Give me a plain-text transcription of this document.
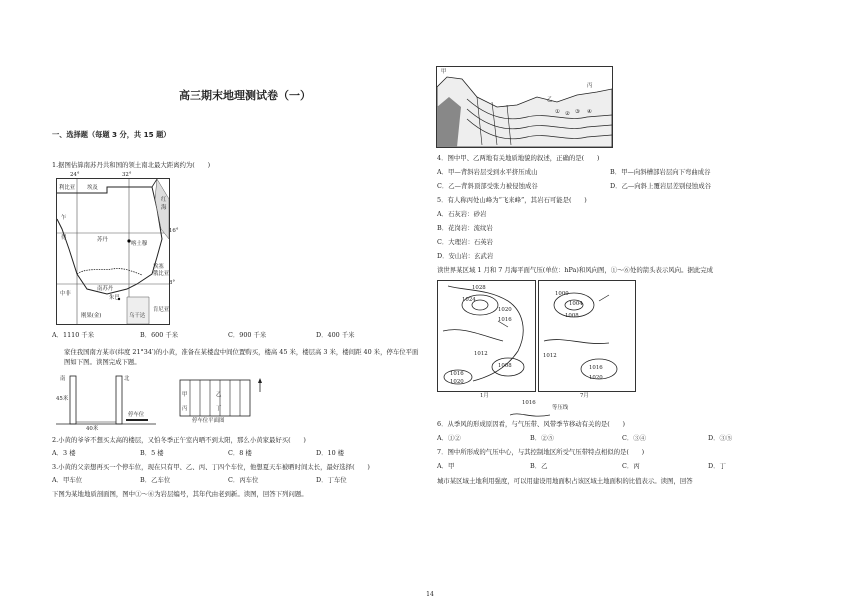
高三期末地理测试卷（一）
一、选择题（每题 3 分，共 15 题）
1.据图估算南苏丹共和国的领土南北最大距离约为(　　)
利比亚 埃及
红
海
乍
得	苏丹
喀土穆
埃塞
俄比亚
中非
南苏丹
朱巴
肯尼亚
刚果(金)	乌干达
24°	32°
16°
8°
A．1110 千米	B．600 千米	C．900 千米	D．400 千米
家住我国南方某市(纬度 21°34′)的小黄，准备在某楼盘中间位置购买，楼高 45 米，楼层高 3 米，楼间距 40 米，停车位平面图如下图。读图完成下题。
南	北
45米
40米
停车位
甲	乙
丙	丁
停车位平面图
2.小黄的爷爷不想买太高的楼层，又怕冬季正午室内晒不到太阳，那么小黄家最好买(　　)
A．3 楼	B．5 楼	C．8 楼	D．10 楼
3.小黄的父亲想再买一个停车位，现在只有甲、乙、丙、丁四个车位，他想夏天车被晒时间太长，最好选择(　　)
A．甲车位	B．乙车位	C．丙车位	D．丁车位
下图为某地地质剖面图，图中①～⑥为岩层编号，其年代由老到新。读图，回答下列问题。
甲
乙
丙
① ② ③ ④
4．图中甲、乙两地有关地质地貌的叙述，正确的是(　　)
A．甲—背斜岩层受到水平挤压成山	B．甲—向斜槽部岩层向下弯曲成谷
C．乙—背斜顶部受张力被侵蚀成谷	D．乙—向斜上覆岩层差别侵蚀成谷
5．有人称丙处山峰为“飞来峰”，其岩石可能是(　　)
A．石灰岩：砂岩
B．花岗岩：流纹岩
C．大理岩：石英岩
D．安山岩：玄武岩
读世界某区域 1 月和 7 月海平面气压(单位：hPa)和风向图，①～⑥处的箭头表示风向。据此完成
1028
1024
1020
1016
1012
1008
1016
1020
1004
1008
1000
1012
1016
1020
1月	7月
1016
等压线
6．从季风的形成原因看，与气压带、风带季节移动有关的是(　　)
A．①②	B．②⑤	C．③④	D．③⑤
7．图中所形成的气压中心，与其控制地区所受气压带特点相似的是(　　)
A．甲	B．乙	C．丙	D．丁
城市某区域土地利用强度，可以用建设用地面积占该区域土地面积的比值表示。读图，回答
14
